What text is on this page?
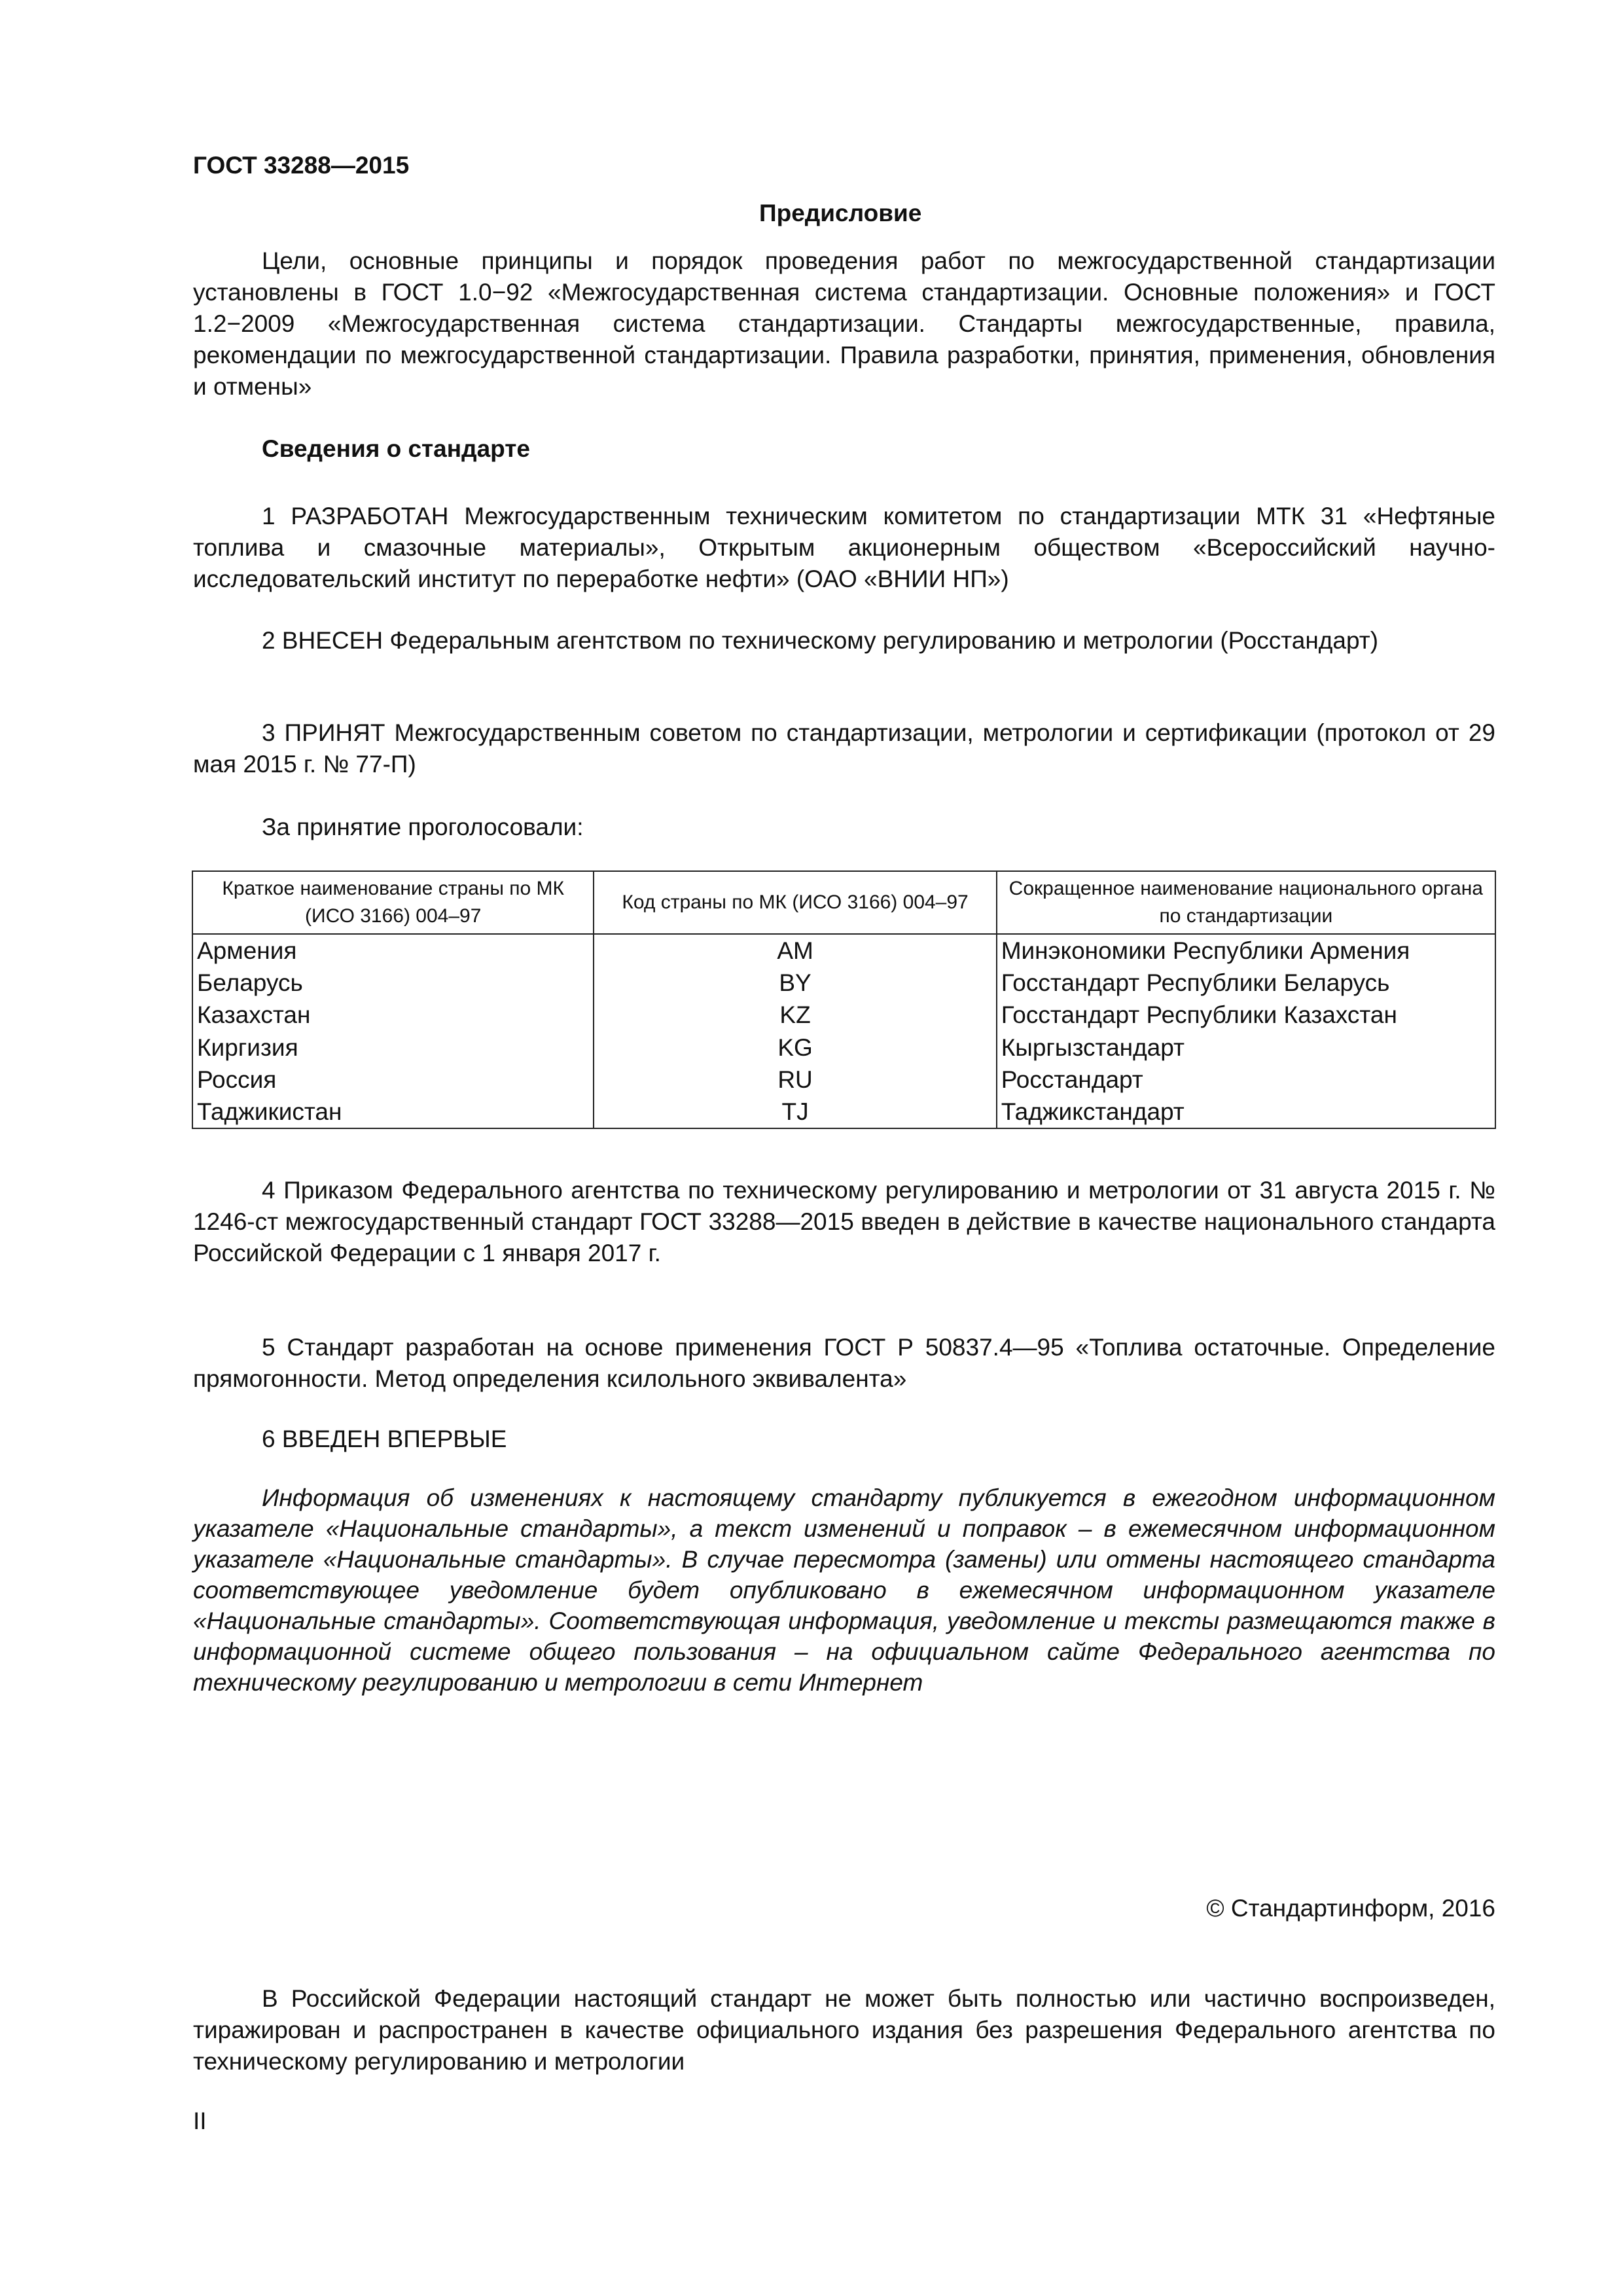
ГОСТ 33288—2015

Предисловие

Цели, основные принципы и порядок проведения работ по межгосударственной стандартизации установлены в ГОСТ 1.0−92 «Межгосударственная система стандартизации. Основные положения» и ГОСТ 1.2−2009 «Межгосударственная система стандартизации. Стандарты межгосударственные, правила, рекомендации по межгосударственной стандартизации. Правила разработки, принятия, применения, обновления и отмены»

Сведения о стандарте

1 РАЗРАБОТАН Межгосударственным техническим комитетом по стандартизации МТК 31 «Нефтяные топлива и смазочные материалы», Открытым акционерным обществом «Всероссийский научно-исследовательский институт по переработке нефти» (ОАО «ВНИИ НП»)

2 ВНЕСЕН Федеральным агентством по техническому регулированию и метрологии (Росстандарт)

3 ПРИНЯТ Межгосударственным советом по стандартизации, метрологии и сертификации (протокол от 29 мая 2015 г. № 77-П)

За принятие проголосовали:

Краткое наименование страны по МК (ИСО 3166) 004–97	Код страны по МК (ИСО 3166) 004–97	Сокращенное наименование национального органа по стандартизации
Армения	AM	Минэкономики Республики Армения
Беларусь	BY	Госстандарт Республики Беларусь
Казахстан	KZ	Госстандарт Республики Казахстан
Киргизия	KG	Кыргызстандарт
Россия	RU	Росстандарт
Таджикистан	TJ	Таджикстандарт

4 Приказом Федерального агентства по техническому регулированию и метрологии от 31 августа 2015 г. № 1246-ст межгосударственный стандарт ГОСТ 33288—2015 введен в действие в качестве национального стандарта Российской Федерации с 1 января 2017 г.

5 Стандарт разработан на основе применения ГОСТ Р 50837.4—95 «Топлива остаточные. Определение прямогонности. Метод определения ксилольного эквивалента»

6 ВВЕДЕН ВПЕРВЫЕ

Информация об изменениях к настоящему стандарту публикуется в ежегодном информационном указателе «Национальные стандарты», а текст изменений и поправок – в ежемесячном информационном указателе «Национальные стандарты». В случае пересмотра (замены) или отмены настоящего стандарта соответствующее уведомление будет опубликовано в ежемесячном информационном указателе «Национальные стандарты». Соответствующая информация, уведомление и тексты размещаются также в информационной системе общего пользования – на официальном сайте Федерального агентства по техническому регулированию и метрологии в сети Интернет

© Стандартинформ, 2016

В Российской Федерации настоящий стандарт не может быть полностью или частично воспроизведен, тиражирован и распространен в качестве официального издания без разрешения Федерального агентства по техническому регулированию и метрологии

II
